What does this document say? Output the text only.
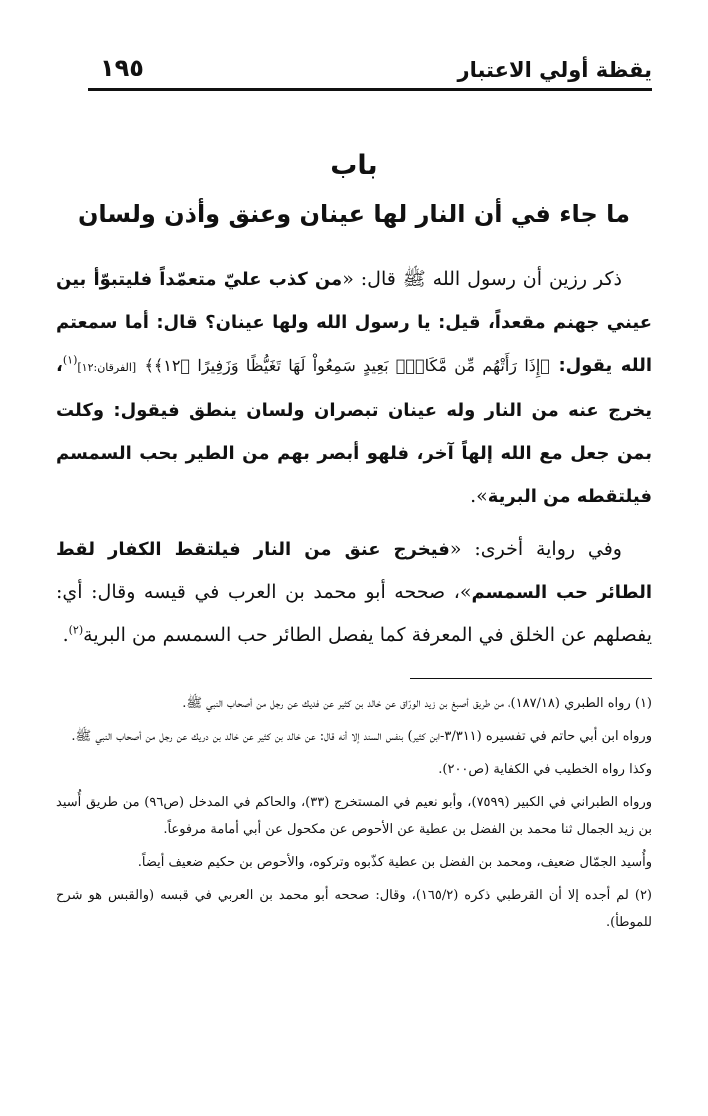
يقظة أولي الاعتبار
١٩٥
باب
ما جاء في أن النار لها عينان وعنق وأذن ولسان

ذكر رزين أن رسول الله ﷺ قال: «من كذب عليّ متعمّداً فليتبوّأ بين عيني جهنم مقعداً، قيل: يا رسول الله ولها عينان؟ قال: أما سمعتم الله يقول: ﴿إِذَا رَأَتْهُم مِّن مَّكَانٍۭ بَعِيدٍ سَمِعُواْ لَهَا تَغَيُّظًا وَزَفِيرًا ﴿١٢﴾﴾ [الفرقان:١٢]$^{(١)}$، يخرج عنه من النار وله عينان تبصران ولسان ينطق فيقول: وكلت بمن جعل مع الله إلهاً آخر، فلهو أبصر بهم من الطير بحب السمسم فيلتقطه من البرية».

وفي رواية أخرى: «فيخرج عنق من النار فيلتقط الكفار لقط الطائر حب السمسم»، صححه أبو محمد بن العرب في قيسه وقال: أي: يفصلهم عن الخلق في المعرفة كما يفصل الطائر حب السمسم من البرية$^{(٢)}$.

(١) رواه الطبري (١٨٧/١٨)، من طريق أصبغ بن زيد الورّاق عن خالد بن كثير عن فديك عن رجل من أصحاب النبي ﷺ.

ورواه ابن أبي حاتم في تفسيره (٣/٣١١-ابن كثير) بنفس السند إلا أنه قال: عن خالد بن كثير عن خالد بن دريك عن رجل من أصحاب النبي ﷺ.

وكذا رواه الخطيب في الكفاية (ص٢٠٠).

ورواه الطبراني في الكبير (٧٥٩٩)، وأبو نعيم في المستخرج (٣٣)، والحاكم في المدخل (ص٩٦) من طريق أُسيد بن زيد الجمال ثنا محمد بن الفضل بن عطية عن الأحوص عن مكحول عن أبي أمامة مرفوعاً.

وأُسيد الجمّال ضعيف، ومحمد بن الفضل بن عطية كذّبوه وتركوه، والأحوص بن حكيم ضعيف أيضاً.

(٢) لم أجده إلا أن القرطبي ذكره (١٦٥/٢)، وقال: صححه أبو محمد بن العربي في قبسه (والقبس هو شرح للموطأ).
